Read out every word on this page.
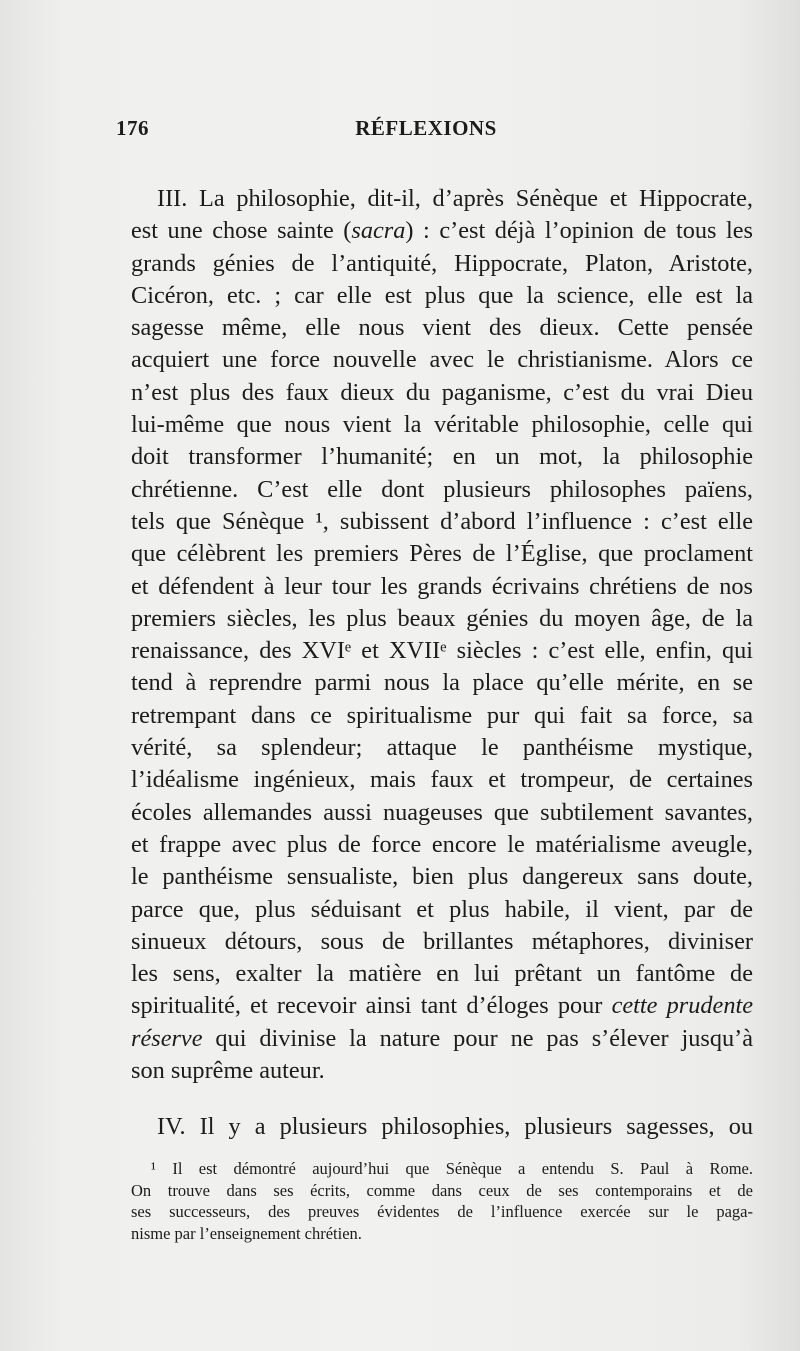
176	RÉFLEXIONS
III. La philosophie, dit-il, d’après Sénèque et Hippocrate,
est une chose sainte (sacra) : c’est déjà l’opinion de tous les
grands génies de l’antiquité, Hippocrate, Platon, Aristote,
Cicéron, etc. ; car elle est plus que la science, elle est la
sagesse même, elle nous vient des dieux. Cette pensée
acquiert une force nouvelle avec le christianisme. Alors ce
n’est plus des faux dieux du paganisme, c’est du vrai Dieu
lui-même que nous vient la véritable philosophie, celle qui
doit transformer l’humanité; en un mot, la philosophie
chrétienne. C’est elle dont plusieurs philosophes païens,
tels que Sénèque ¹, subissent d’abord l’influence : c’est elle
que célèbrent les premiers Pères de l’Église, que proclament
et défendent à leur tour les grands écrivains chrétiens de nos
premiers siècles, les plus beaux génies du moyen âge, de la
renaissance, des XVIᵉ et XVIIᵉ siècles : c’est elle, enfin, qui
tend à reprendre parmi nous la place qu’elle mérite, en se
retrempant dans ce spiritualisme pur qui fait sa force, sa
vérité, sa splendeur; attaque le panthéisme mystique,
l’idéalisme ingénieux, mais faux et trompeur, de certaines
écoles allemandes aussi nuageuses que subtilement savantes,
et frappe avec plus de force encore le matérialisme aveugle,
le panthéisme sensualiste, bien plus dangereux sans doute,
parce que, plus séduisant et plus habile, il vient, par de
sinueux détours, sous de brillantes métaphores, diviniser
les sens, exalter la matière en lui prêtant un fantôme de
spiritualité, et recevoir ainsi tant d’éloges pour cette prudente
réserve qui divinise la nature pour ne pas s’élever jusqu’à
son suprême auteur.
IV. Il y a plusieurs philosophies, plusieurs sagesses, ou
¹ Il est démontré aujourd’hui que Sénèque a entendu S. Paul à Rome.
On trouve dans ses écrits, comme dans ceux de ses contemporains et de
ses successeurs, des preuves évidentes de l’influence exercée sur le paga-
nisme par l’enseignement chrétien.
